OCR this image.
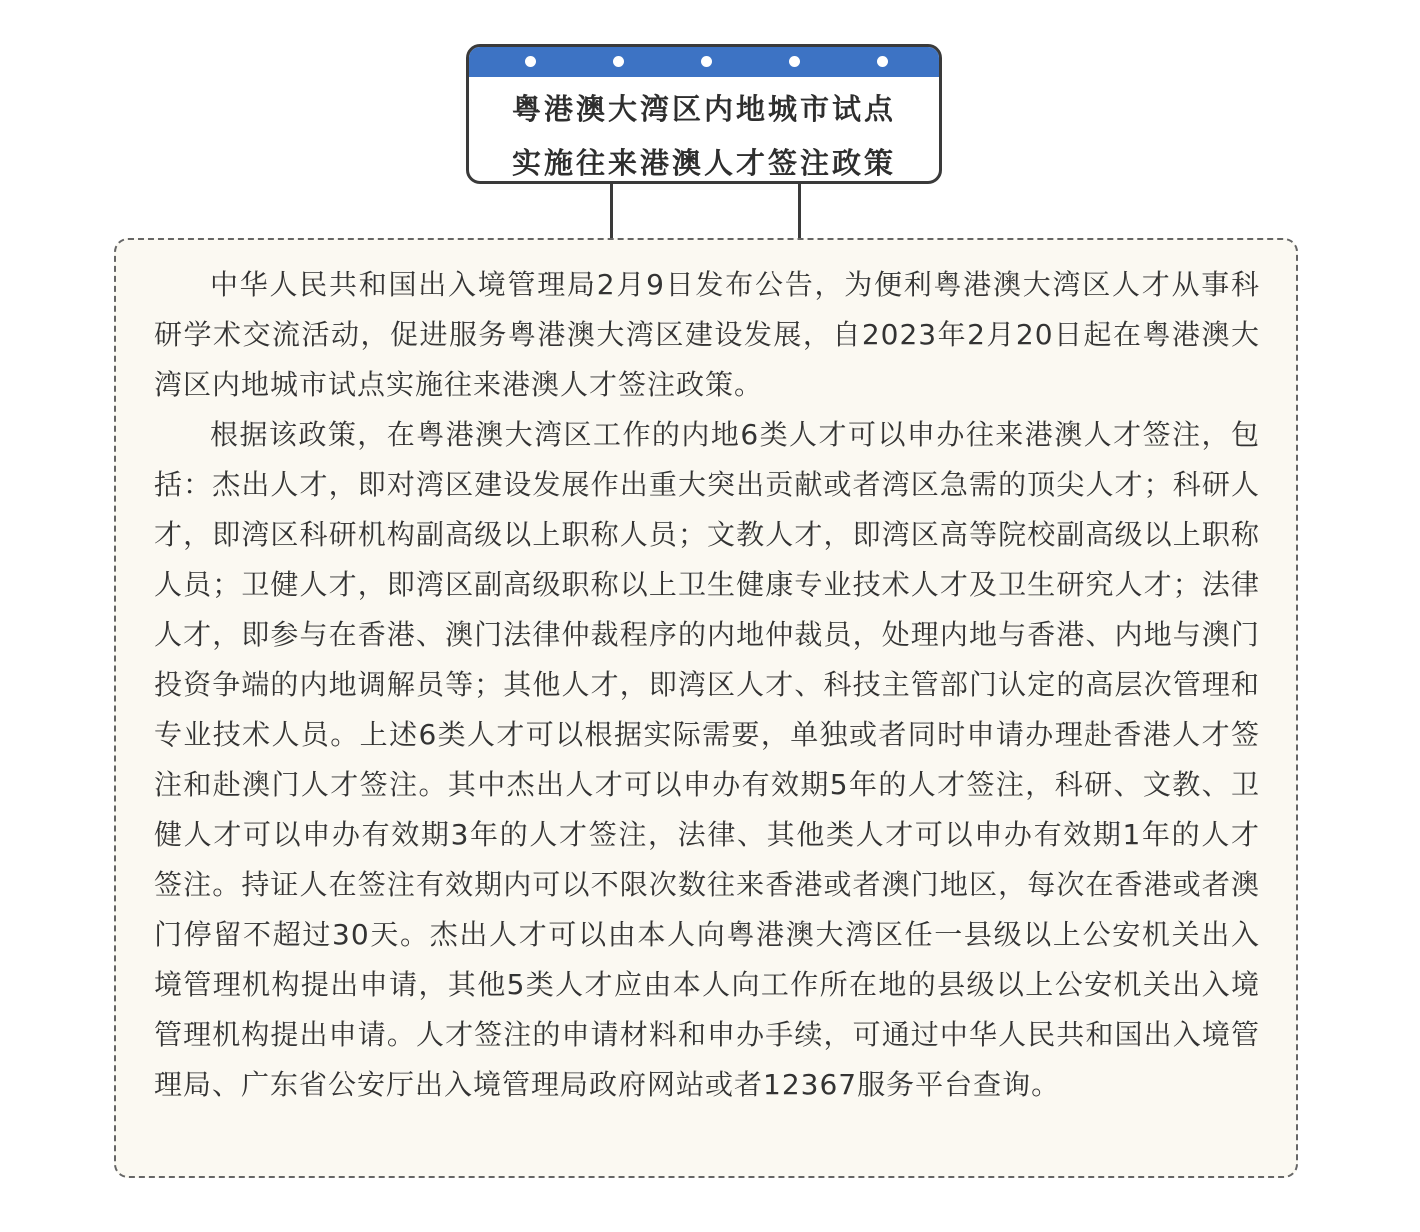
粤港澳大湾区内地城市试点
实施往来港澳人才签注政策

中华人民共和国出入境管理局2月9日发布公告，为便利粤港澳大湾区人才从事科研学术交流活动，促进服务粤港澳大湾区建设发展，自2023年2月20日起在粤港澳大湾区内地城市试点实施往来港澳人才签注政策。

根据该政策，在粤港澳大湾区工作的内地6类人才可以申办往来港澳人才签注，包括：杰出人才，即对湾区建设发展作出重大突出贡献或者湾区急需的顶尖人才；科研人才，即湾区科研机构副高级以上职称人员；文教人才，即湾区高等院校副高级以上职称人员；卫健人才，即湾区副高级职称以上卫生健康专业技术人才及卫生研究人才；法律人才，即参与在香港、澳门法律仲裁程序的内地仲裁员，处理内地与香港、内地与澳门投资争端的内地调解员等；其他人才，即湾区人才、科技主管部门认定的高层次管理和专业技术人员。上述6类人才可以根据实际需要，单独或者同时申请办理赴香港人才签注和赴澳门人才签注。其中杰出人才可以申办有效期5年的人才签注，科研、文教、卫健人才可以申办有效期3年的人才签注，法律、其他类人才可以申办有效期1年的人才签注。持证人在签注有效期内可以不限次数往来香港或者澳门地区，每次在香港或者澳门停留不超过30天。杰出人才可以由本人向粤港澳大湾区任一县级以上公安机关出入境管理机构提出申请，其他5类人才应由本人向工作所在地的县级以上公安机关出入境管理机构提出申请。人才签注的申请材料和申办手续，可通过中华人民共和国出入境管理局、广东省公安厅出入境管理局政府网站或者12367服务平台查询。
